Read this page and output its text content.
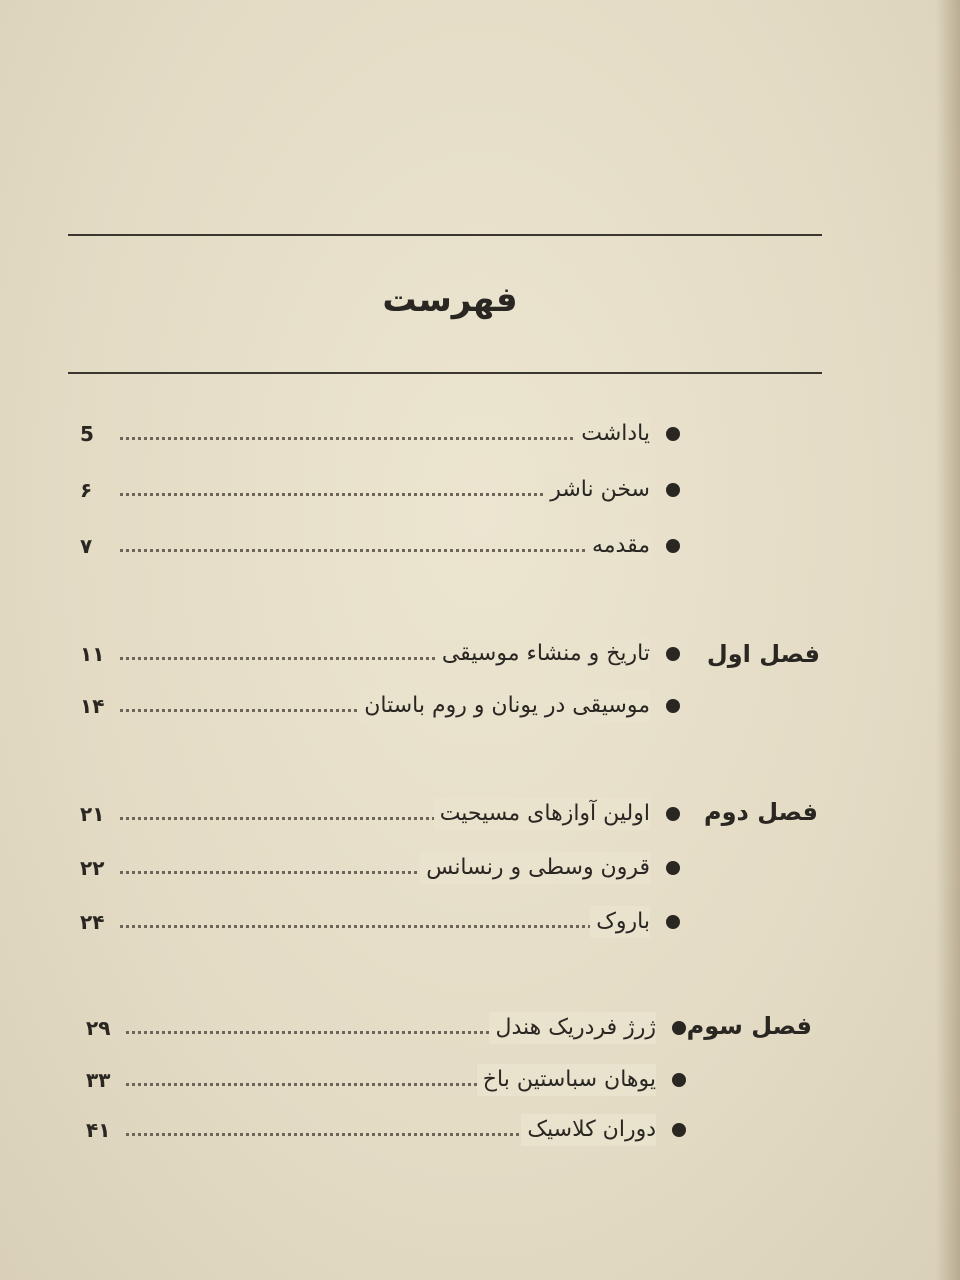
فهرست
5	یاداشت
۶	سخن ناشر
۷	مقدمه
فصل اول
۱۱	تاریخ و منشاء موسیقی
۱۴	موسیقی در یونان و روم باستان
فصل دوم
۲۱	اولین آوازهای مسیحیت
۲۲	قرون وسطی و رنسانس
۲۴	باروک
فصل سوم
۲۹	ژرژ فردریک هندل
۳۳	یوهان سباستین باخ
۴۱	دوران کلاسیک
